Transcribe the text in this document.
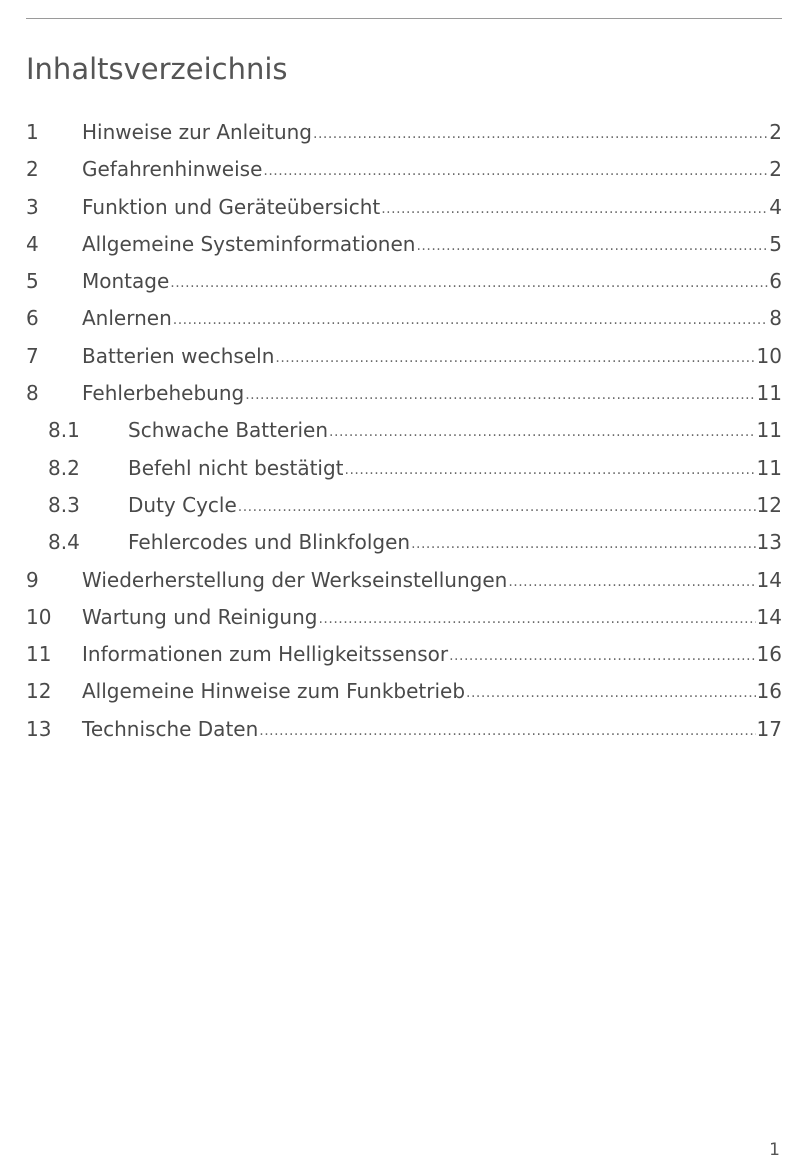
Inhaltsverzeichnis
1	Hinweise zur Anleitung .....	2
2	Gefahrenhinweise .....	2
3	Funktion und Geräteübersicht .....	4
4	Allgemeine Systeminformationen .....	5
5	Montage .....	6
6	Anlernen .....	8
7	Batterien wechseln .....	10
8	Fehlerbehebung .....	11
8.1	Schwache Batterien .....	11
8.2	Befehl nicht bestätigt .....	11
8.3	Duty Cycle .....	12
8.4	Fehlercodes und Blinkfolgen .....	13
9	Wiederherstellung der Werkseinstellungen .....	14
10	Wartung und Reinigung .....	14
11	Informationen zum Helligkeitssensor .....	16
12	Allgemeine Hinweise zum Funkbetrieb .....	16
13	Technische Daten .....	17
1
